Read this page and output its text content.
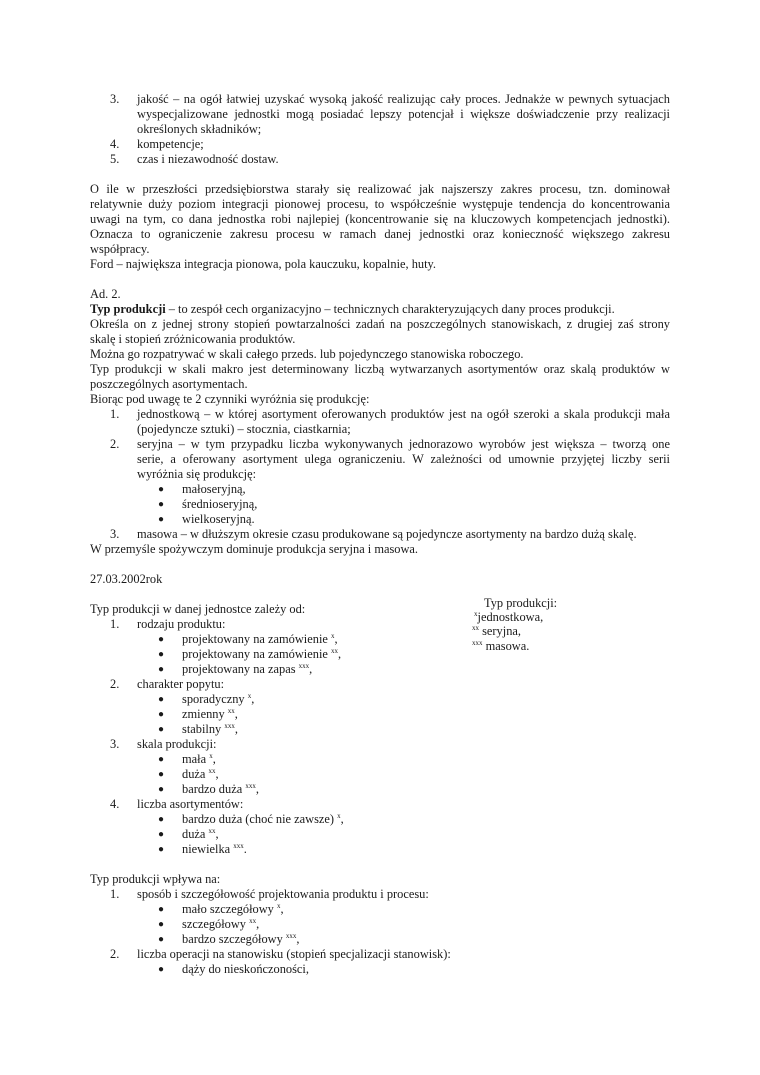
3. jakość – na ogół łatwiej uzyskać wysoką jakość realizując cały proces. Jednakże w pewnych sytuacjach
wyspecjalizowane jednostki mogą posiadać lepszy potencjał i większe doświadczenie przy realizacji
określonych składników;
4. kompetencje;
5. czas i niezawodność dostaw.
O ile w przeszłości przedsiębiorstwa starały się realizować jak najszerszy zakres procesu, tzn. dominował
relatywnie duży poziom integracji pionowej procesu, to współcześnie występuje tendencja do koncentrowania
uwagi na tym, co dana jednostka robi najlepiej (koncentrowanie się na kluczowych kompetencjach jednostki).
Oznacza to ograniczenie zakresu procesu w ramach danej jednostki oraz konieczność większego zakresu
współpracy.
Ford – największa integracja pionowa, pola kauczuku, kopalnie, huty.
Ad. 2.
Typ produkcji – to zespół cech organizacyjno – technicznych charakteryzujących dany proces produkcji.
Określa on z jednej strony stopień powtarzalności zadań na poszczególnych stanowiskach, z drugiej zaś strony
skalę i stopień zróżnicowania produktów.
Można go rozpatrywać w skali całego przeds. lub pojedynczego stanowiska roboczego.
Typ produkcji w skali makro jest determinowany liczbą wytwarzanych asortymentów oraz skalą produktów w
poszczególnych asortymentach.
Biorąc pod uwagę te 2 czynniki wyróżnia się produkcję:
1. jednostkową – w której asortyment oferowanych produktów jest na ogół szeroki a skala produkcji mała
(pojedyncze sztuki) – stocznia, ciastkarnia;
2. seryjna – w tym przypadku liczba wykonywanych jednorazowo wyrobów jest większa – tworzą one
serie, a oferowany asortyment ulega ograniczeniu. W zależności od umownie przyjętej liczby serii
wyróżnia się produkcję:
● małoseryjną,
● średnioseryjną,
● wielkoseryjną.
3. masowa – w dłuższym okresie czasu produkowane są pojedyncze asortymenty na bardzo dużą skalę.
W przemyśle spożywczym dominuje produkcja seryjna i masowa.
27.03.2002rok
Typ produkcji w danej jednostce zależy od:
1. rodzaju produktu:
● projektowany na zamówienie $^x$,
● projektowany na zamówienie $^{xx}$,
● projektowany na zapas $^{xxx}$,
2. charakter popytu:
● sporadyczny $^x$,
● zmienny $^{xx}$,
● stabilny $^{xxx}$,
3. skala produkcji:
● mała $^x$,
● duża $^{xx}$,
● bardzo duża $^{xxx}$,
4. liczba asortymentów:
● bardzo duża (choć nie zawsze) $^x$,
● duża $^{xx}$,
● niewielka $^{xxx}$.
Typ produkcji:
$^x$jednostkowa,
$^{xx}$ seryjna,
$^{xxx}$ masowa.
Typ produkcji wpływa na:
1. sposób i szczegółowość projektowania produktu i procesu:
● mało szczegółowy $^x$,
● szczegółowy $^{xx}$,
● bardzo szczegółowy $^{xxx}$,
2. liczba operacji na stanowisku (stopień specjalizacji stanowisk):
● dąży do nieskończoności,
